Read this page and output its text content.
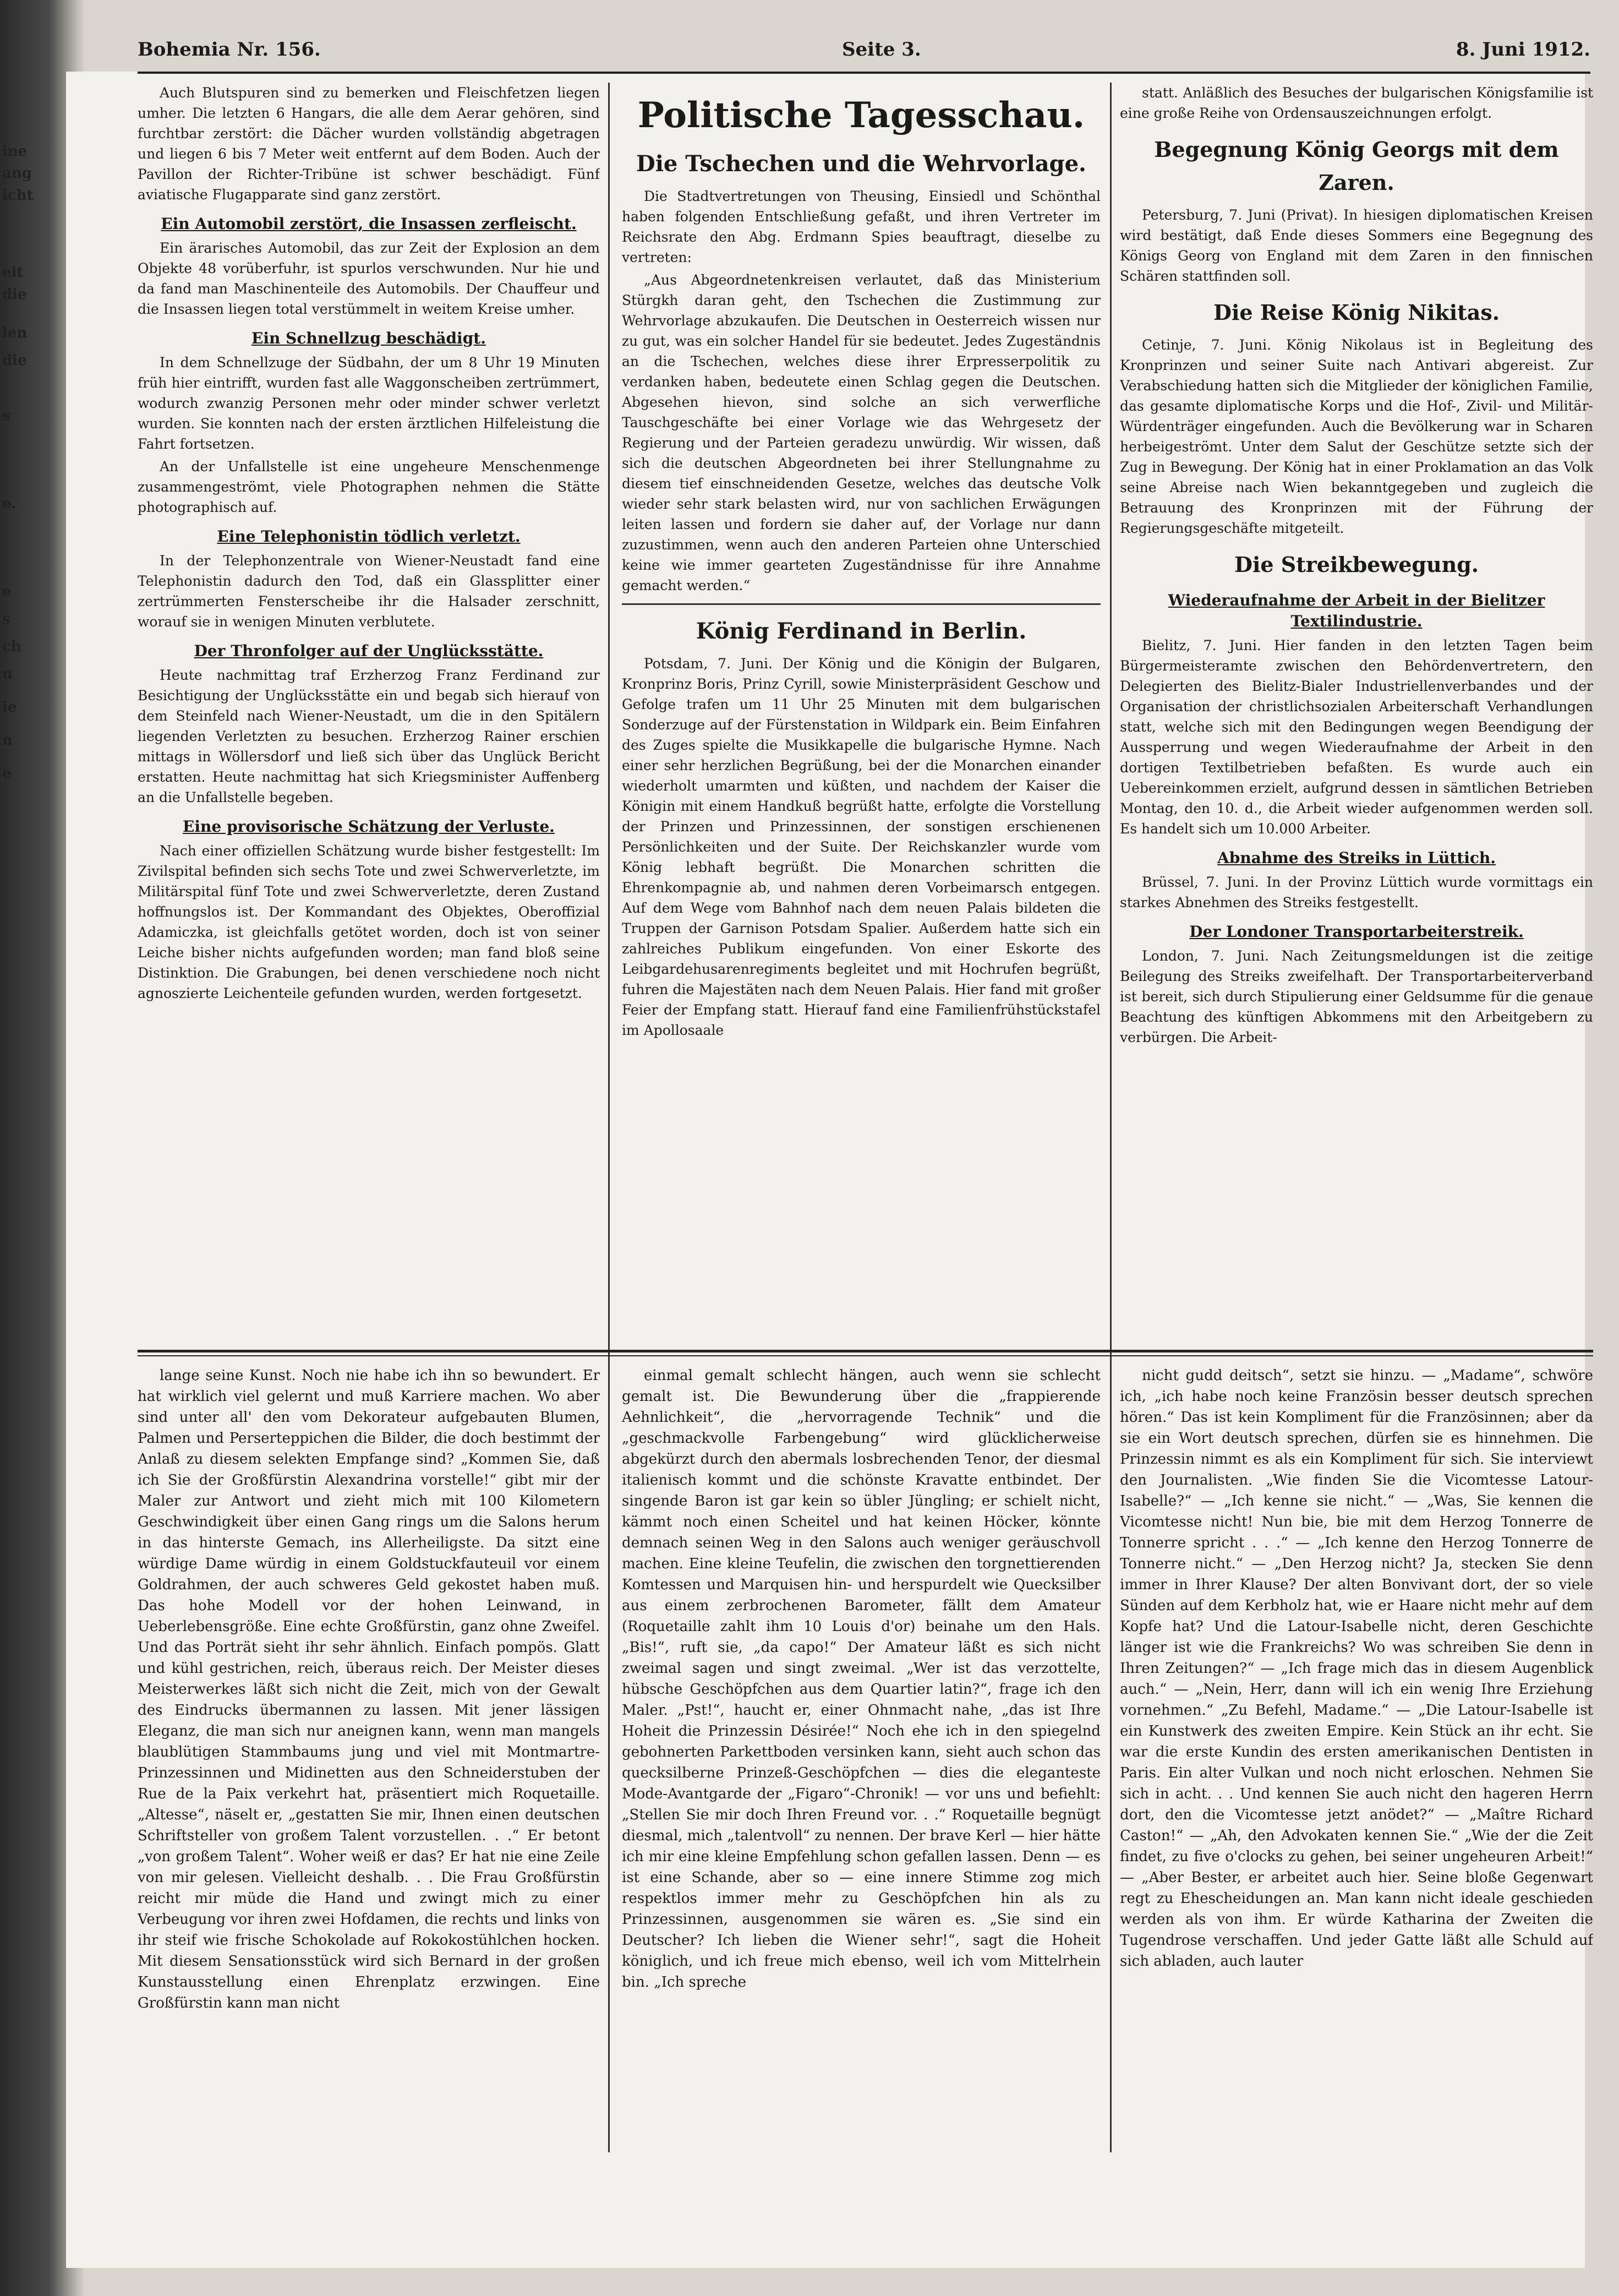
ine
ang
icht
eit
die
len
die
s
e.
e
s
ch
n
ie
n
e
Bohemia Nr. 156.	Seite 3.	8. Juni 1912.

Auch Blutspuren sind zu bemerken und Fleischfetzen liegen umher. Die letzten 6 Hangars, die alle dem Aerar gehören, sind furchtbar zerstört: die Dächer wurden vollständig abgetragen und liegen 6 bis 7 Meter weit entfernt auf dem Boden. Auch der Pavillon der Richter-Tribüne ist schwer beschädigt. Fünf aviatische Flugapparate sind ganz zerstört.

Ein Automobil zerstört, die Insassen zerfleischt.

Ein ärarisches Automobil, das zur Zeit der Explosion an dem Objekte 48 vorüberfuhr, ist spurlos verschwunden. Nur hie und da fand man Maschinenteile des Automobils. Der Chauffeur und die Insassen liegen total verstümmelt in weitem Kreise umher.

Ein Schnellzug beschädigt.

In dem Schnellzuge der Südbahn, der um 8 Uhr 19 Minuten früh hier eintrifft, wurden fast alle Waggonscheiben zertrümmert, wodurch zwanzig Personen mehr oder minder schwer verletzt wurden. Sie konnten nach der ersten ärztlichen Hilfeleistung die Fahrt fortsetzen.

An der Unfallstelle ist eine ungeheure Menschenmenge zusammengeströmt, viele Photographen nehmen die Stätte photographisch auf.

Eine Telephonistin tödlich verletzt.

In der Telephonzentrale von Wiener-Neustadt fand eine Telephonistin dadurch den Tod, daß ein Glassplitter einer zertrümmerten Fensterscheibe ihr die Halsader zerschnitt, worauf sie in wenigen Minuten verblutete.

Der Thronfolger auf der Unglücksstätte.

Heute nachmittag traf Erzherzog Franz Ferdinand zur Besichtigung der Unglücksstätte ein und begab sich hierauf von dem Steinfeld nach Wiener-Neustadt, um die in den Spitälern liegenden Verletzten zu besuchen. Erzherzog Rainer erschien mittags in Wöllersdorf und ließ sich über das Unglück Bericht erstatten. Heute nachmittag hat sich Kriegsminister Auffenberg an die Unfallstelle begeben.

Eine provisorische Schätzung der Verluste.

Nach einer offiziellen Schätzung wurde bisher festgestellt: Im Zivilspital befinden sich sechs Tote und zwei Schwerverletzte, im Militärspital fünf Tote und zwei Schwerverletzte, deren Zustand hoffnungslos ist. Der Kommandant des Objektes, Oberoffizial Adamiczka, ist gleichfalls getötet worden, doch ist von seiner Leiche bisher nichts aufgefunden worden; man fand bloß seine Distinktion. Die Grabungen, bei denen verschiedene noch nicht agnoszierte Leichenteile gefunden wurden, werden fortgesetzt.

Politische Tagesschau.
Die Tschechen und die Wehrvorlage.

Die Stadtvertretungen von Theusing, Einsiedl und Schönthal haben folgenden Entschließung gefaßt, und ihren Vertreter im Reichsrate den Abg. Erdmann Spies beauftragt, dieselbe zu vertreten:

„Aus Abgeordnetenkreisen verlautet, daß das Ministerium Stürgkh daran geht, den Tschechen die Zustimmung zur Wehrvorlage abzukaufen. Die Deutschen in Oesterreich wissen nur zu gut, was ein solcher Handel für sie bedeutet. Jedes Zugeständnis an die Tschechen, welches diese ihrer Erpresserpolitik zu verdanken haben, bedeutete einen Schlag gegen die Deutschen. Abgesehen hievon, sind solche an sich verwerfliche Tauschgeschäfte bei einer Vorlage wie das Wehrgesetz der Regierung und der Parteien geradezu unwürdig. Wir wissen, daß sich die deutschen Abgeordneten bei ihrer Stellungnahme zu diesem tief einschneidenden Gesetze, welches das deutsche Volk wieder sehr stark belasten wird, nur von sachlichen Erwägungen leiten lassen und fordern sie daher auf, der Vorlage nur dann zuzustimmen, wenn auch den anderen Parteien ohne Unterschied keine wie immer gearteten Zugeständnisse für ihre Annahme gemacht werden.“

König Ferdinand in Berlin.

Potsdam, 7. Juni. Der König und die Königin der Bulgaren, Kronprinz Boris, Prinz Cyrill, sowie Ministerpräsident Geschow und Gefolge trafen um 11 Uhr 25 Minuten mit dem bulgarischen Sonderzuge auf der Fürstenstation in Wildpark ein. Beim Einfahren des Zuges spielte die Musikkapelle die bulgarische Hymne. Nach einer sehr herzlichen Begrüßung, bei der die Monarchen einander wiederholt umarmten und küßten, und nachdem der Kaiser die Königin mit einem Handkuß begrüßt hatte, erfolgte die Vorstellung der Prinzen und Prinzessinnen, der sonstigen erschienenen Persönlichkeiten und der Suite. Der Reichskanzler wurde vom König lebhaft begrüßt. Die Monarchen schritten die Ehrenkompagnie ab, und nahmen deren Vorbeimarsch entgegen. Auf dem Wege vom Bahnhof nach dem neuen Palais bildeten die Truppen der Garnison Potsdam Spalier. Außerdem hatte sich ein zahlreiches Publikum eingefunden. Von einer Eskorte des Leibgardehusarenregiments begleitet und mit Hochrufen begrüßt, fuhren die Majestäten nach dem Neuen Palais. Hier fand mit großer Feier der Empfang statt. Hierauf fand eine Familienfrühstückstafel im Apollosaale

statt. Anläßlich des Besuches der bulgarischen Königsfamilie ist eine große Reihe von Ordensauszeichnungen erfolgt.

Begegnung König Georgs mit dem Zaren.

Petersburg, 7. Juni (Privat). In hiesigen diplomatischen Kreisen wird bestätigt, daß Ende dieses Sommers eine Begegnung des Königs Georg von England mit dem Zaren in den finnischen Schären stattfinden soll.

Die Reise König Nikitas.

Cetinje, 7. Juni. König Nikolaus ist in Begleitung des Kronprinzen und seiner Suite nach Antivari abgereist. Zur Verabschiedung hatten sich die Mitglieder der königlichen Familie, das gesamte diplomatische Korps und die Hof-, Zivil- und Militär-Würdenträger eingefunden. Auch die Bevölkerung war in Scharen herbeigeströmt. Unter dem Salut der Geschütze setzte sich der Zug in Bewegung. Der König hat in einer Proklamation an das Volk seine Abreise nach Wien bekanntgegeben und zugleich die Betrauung des Kronprinzen mit der Führung der Regierungsgeschäfte mitgeteilt.

Die Streikbewegung.
Wiederaufnahme der Arbeit in der Bielitzer Textilindustrie.

Bielitz, 7. Juni. Hier fanden in den letzten Tagen beim Bürgermeisteramte zwischen den Behördenvertretern, den Delegierten des Bielitz-Bialer Industriellenverbandes und der Organisation der christlichsozialen Arbeiterschaft Verhandlungen statt, welche sich mit den Bedingungen wegen Beendigung der Aussperrung und wegen Wiederaufnahme der Arbeit in den dortigen Textilbetrieben befaßten. Es wurde auch ein Uebereinkommen erzielt, aufgrund dessen in sämtlichen Betrieben Montag, den 10. d., die Arbeit wieder aufgenommen werden soll. Es handelt sich um 10.000 Arbeiter.

Abnahme des Streiks in Lüttich.

Brüssel, 7. Juni. In der Provinz Lüttich wurde vormittags ein starkes Abnehmen des Streiks festgestellt.

Der Londoner Transportarbeiterstreik.

London, 7. Juni. Nach Zeitungsmeldungen ist die zeitige Beilegung des Streiks zweifelhaft. Der Transportarbeiterverband ist bereit, sich durch Stipulierung einer Geldsumme für die genaue Beachtung des künftigen Abkommens mit den Arbeitgebern zu verbürgen. Die Arbeit-

lange seine Kunst. Noch nie habe ich ihn so bewundert. Er hat wirklich viel gelernt und muß Karriere machen. Wo aber sind unter all' den vom Dekorateur aufgebauten Blumen, Palmen und Perserteppichen die Bilder, die doch bestimmt der Anlaß zu diesem selekten Empfange sind? „Kommen Sie, daß ich Sie der Großfürstin Alexandrina vorstelle!“ gibt mir der Maler zur Antwort und zieht mich mit 100 Kilometern Geschwindigkeit über einen Gang rings um die Salons herum in das hinterste Gemach, ins Allerheiligste. Da sitzt eine würdige Dame würdig in einem Goldstuckfauteuil vor einem Goldrahmen, der auch schweres Geld gekostet haben muß. Das hohe Modell vor der hohen Leinwand, in Ueberlebensgröße. Eine echte Großfürstin, ganz ohne Zweifel. Und das Porträt sieht ihr sehr ähnlich. Einfach pompös. Glatt und kühl gestrichen, reich, überaus reich. Der Meister dieses Meisterwerkes läßt sich nicht die Zeit, mich von der Gewalt des Eindrucks übermannen zu lassen. Mit jener lässigen Eleganz, die man sich nur aneignen kann, wenn man mangels blaublütigen Stammbaums jung und viel mit Montmartre-Prinzessinnen und Midinetten aus den Schneiderstuben der Rue de la Paix verkehrt hat, präsentiert mich Roquetaille. „Altesse“, näselt er, „gestatten Sie mir, Ihnen einen deutschen Schriftsteller von großem Talent vorzustellen. . .“ Er betont „von großem Talent“. Woher weiß er das? Er hat nie eine Zeile von mir gelesen. Vielleicht deshalb. . . Die Frau Großfürstin reicht mir müde die Hand und zwingt mich zu einer Verbeugung vor ihren zwei Hofdamen, die rechts und links von ihr steif wie frische Schokolade auf Rokokostühlchen hocken. Mit diesem Sensationsstück wird sich Bernard in der großen Kunstausstellung einen Ehrenplatz erzwingen. Eine Großfürstin kann man nicht

einmal gemalt schlecht hängen, auch wenn sie schlecht gemalt ist. Die Bewunderung über die „frappierende Aehnlichkeit“, die „hervorragende Technik“ und die „geschmackvolle Farbengebung“ wird glücklicherweise abgekürzt durch den abermals losbrechenden Tenor, der diesmal italienisch kommt und die schönste Kravatte entbindet. Der singende Baron ist gar kein so übler Jüngling; er schielt nicht, kämmt noch einen Scheitel und hat keinen Höcker, könnte demnach seinen Weg in den Salons auch weniger geräuschvoll machen. Eine kleine Teufelin, die zwischen den torgnettierenden Komtessen und Marquisen hin- und herspurdelt wie Quecksilber aus einem zerbrochenen Barometer, fällt dem Amateur (Roquetaille zahlt ihm 10 Louis d'or) beinahe um den Hals. „Bis!“, ruft sie, „da capo!“ Der Amateur läßt es sich nicht zweimal sagen und singt zweimal. „Wer ist das verzottelte, hübsche Geschöpfchen aus dem Quartier latin?“, frage ich den Maler. „Pst!“, haucht er, einer Ohnmacht nahe, „das ist Ihre Hoheit die Prinzessin Désirée!“ Noch ehe ich in den spiegelnd gebohnerten Parkettboden versinken kann, sieht auch schon das quecksilberne Prinzeß-Geschöpfchen — dies die eleganteste Mode-Avantgarde der „Figaro“-Chronik! — vor uns und befiehlt: „Stellen Sie mir doch Ihren Freund vor. . .“ Roquetaille begnügt diesmal, mich „talentvoll“ zu nennen. Der brave Kerl — hier hätte ich mir eine kleine Empfehlung schon gefallen lassen. Denn — es ist eine Schande, aber so — eine innere Stimme zog mich respektlos immer mehr zu Geschöpfchen hin als zu Prinzessinnen, ausgenommen sie wären es. „Sie sind ein Deutscher? Ich lieben die Wiener sehr!“, sagt die Hoheit königlich, und ich freue mich ebenso, weil ich vom Mittelrhein bin. „Ich spreche

nicht gudd deitsch“, setzt sie hinzu. — „Madame“, schwöre ich, „ich habe noch keine Französin besser deutsch sprechen hören.“ Das ist kein Kompliment für die Französinnen; aber da sie ein Wort deutsch sprechen, dürfen sie es hinnehmen. Die Prinzessin nimmt es als ein Kompliment für sich. Sie interviewt den Journalisten. „Wie finden Sie die Vicomtesse Latour-Isabelle?“ — „Ich kenne sie nicht.“ — „Was, Sie kennen die Vicomtesse nicht! Nun bie, bie mit dem Herzog Tonnerre de Tonnerre spricht . . .“ — „Ich kenne den Herzog Tonnerre de Tonnerre nicht.“ — „Den Herzog nicht? Ja, stecken Sie denn immer in Ihrer Klause? Der alten Bonvivant dort, der so viele Sünden auf dem Kerbholz hat, wie er Haare nicht mehr auf dem Kopfe hat? Und die Latour-Isabelle nicht, deren Geschichte länger ist wie die Frankreichs? Wo was schreiben Sie denn in Ihren Zeitungen?“ — „Ich frage mich das in diesem Augenblick auch.“ — „Nein, Herr, dann will ich ein wenig Ihre Erziehung vornehmen.“ „Zu Befehl, Madame.“ — „Die Latour-Isabelle ist ein Kunstwerk des zweiten Empire. Kein Stück an ihr echt. Sie war die erste Kundin des ersten amerikanischen Dentisten in Paris. Ein alter Vulkan und noch nicht erloschen. Nehmen Sie sich in acht. . . Und kennen Sie auch nicht den hageren Herrn dort, den die Vicomtesse jetzt anödet?“ — „Maître Richard Caston!“ — „Ah, den Advokaten kennen Sie.“ „Wie der die Zeit findet, zu five o'clocks zu gehen, bei seiner ungeheuren Arbeit!“ — „Aber Bester, er arbeitet auch hier. Seine bloße Gegenwart regt zu Ehescheidungen an. Man kann nicht ideale geschieden werden als von ihm. Er würde Katharina der Zweiten die Tugendrose verschaffen. Und jeder Gatte läßt alle Schuld auf sich abladen, auch lauter
